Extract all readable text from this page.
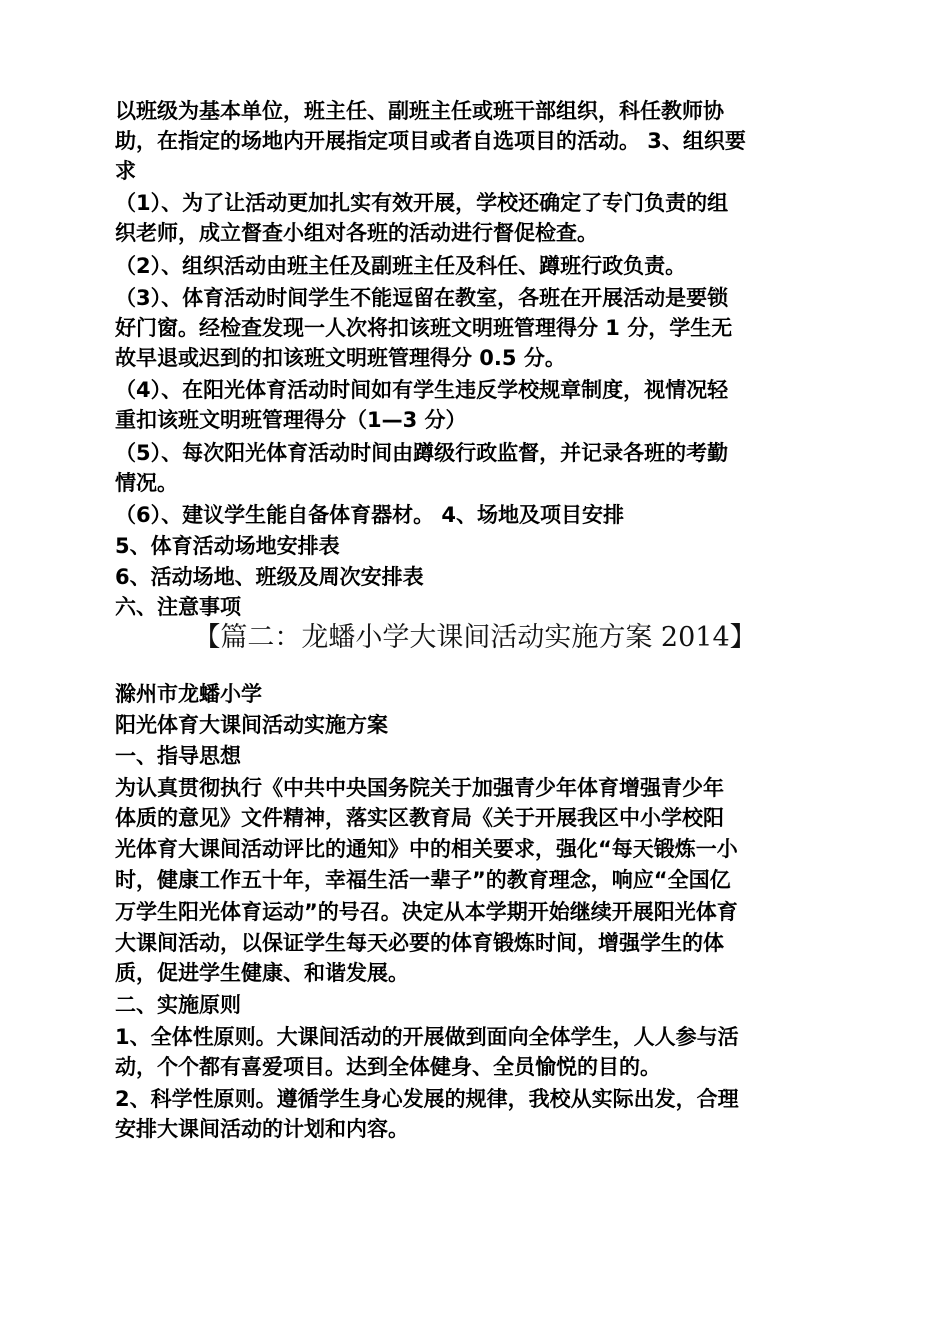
以班级为基本单位，班主任、副班主任或班干部组织，科任教师协
助，在指定的场地内开展指定项目或者自选项目的活动。 3、组织要
求
（1）、为了让活动更加扎实有效开展，学校还确定了专门负责的组
织老师，成立督查小组对各班的活动进行督促检查。
（2）、组织活动由班主任及副班主任及科任、蹲班行政负责。
（3）、体育活动时间学生不能逗留在教室，各班在开展活动是要锁
好门窗。经检查发现一人次将扣该班文明班管理得分 1 分，学生无
故早退或迟到的扣该班文明班管理得分 0.5 分。
（4）、在阳光体育活动时间如有学生违反学校规章制度，视情况轻
重扣该班文明班管理得分（1—3 分）
（5）、每次阳光体育活动时间由蹲级行政监督，并记录各班的考勤
情况。
（6）、建议学生能自备体育器材。 4、场地及项目安排
5、体育活动场地安排表
6、活动场地、班级及周次安排表
六、注意事项
【篇二：龙蟠小学大课间活动实施方案 2014】
滁州市龙蟠小学
阳光体育大课间活动实施方案
一、指导思想
为认真贯彻执行《中共中央国务院关于加强青少年体育增强青少年
体质的意见》文件精神，落实区教育局《关于开展我区中小学校阳
光体育大课间活动评比的通知》中的相关要求，强化“每天锻炼一小
时，健康工作五十年，幸福生活一辈子”的教育理念，响应“全国亿
万学生阳光体育运动”的号召。决定从本学期开始继续开展阳光体育
大课间活动，以保证学生每天必要的体育锻炼时间，增强学生的体
质，促进学生健康、和谐发展。
二、实施原则
1、全体性原则。大课间活动的开展做到面向全体学生，人人参与活
动，个个都有喜爱项目。达到全体健身、全员愉悦的目的。
2、科学性原则。遵循学生身心发展的规律，我校从实际出发，合理
安排大课间活动的计划和内容。
